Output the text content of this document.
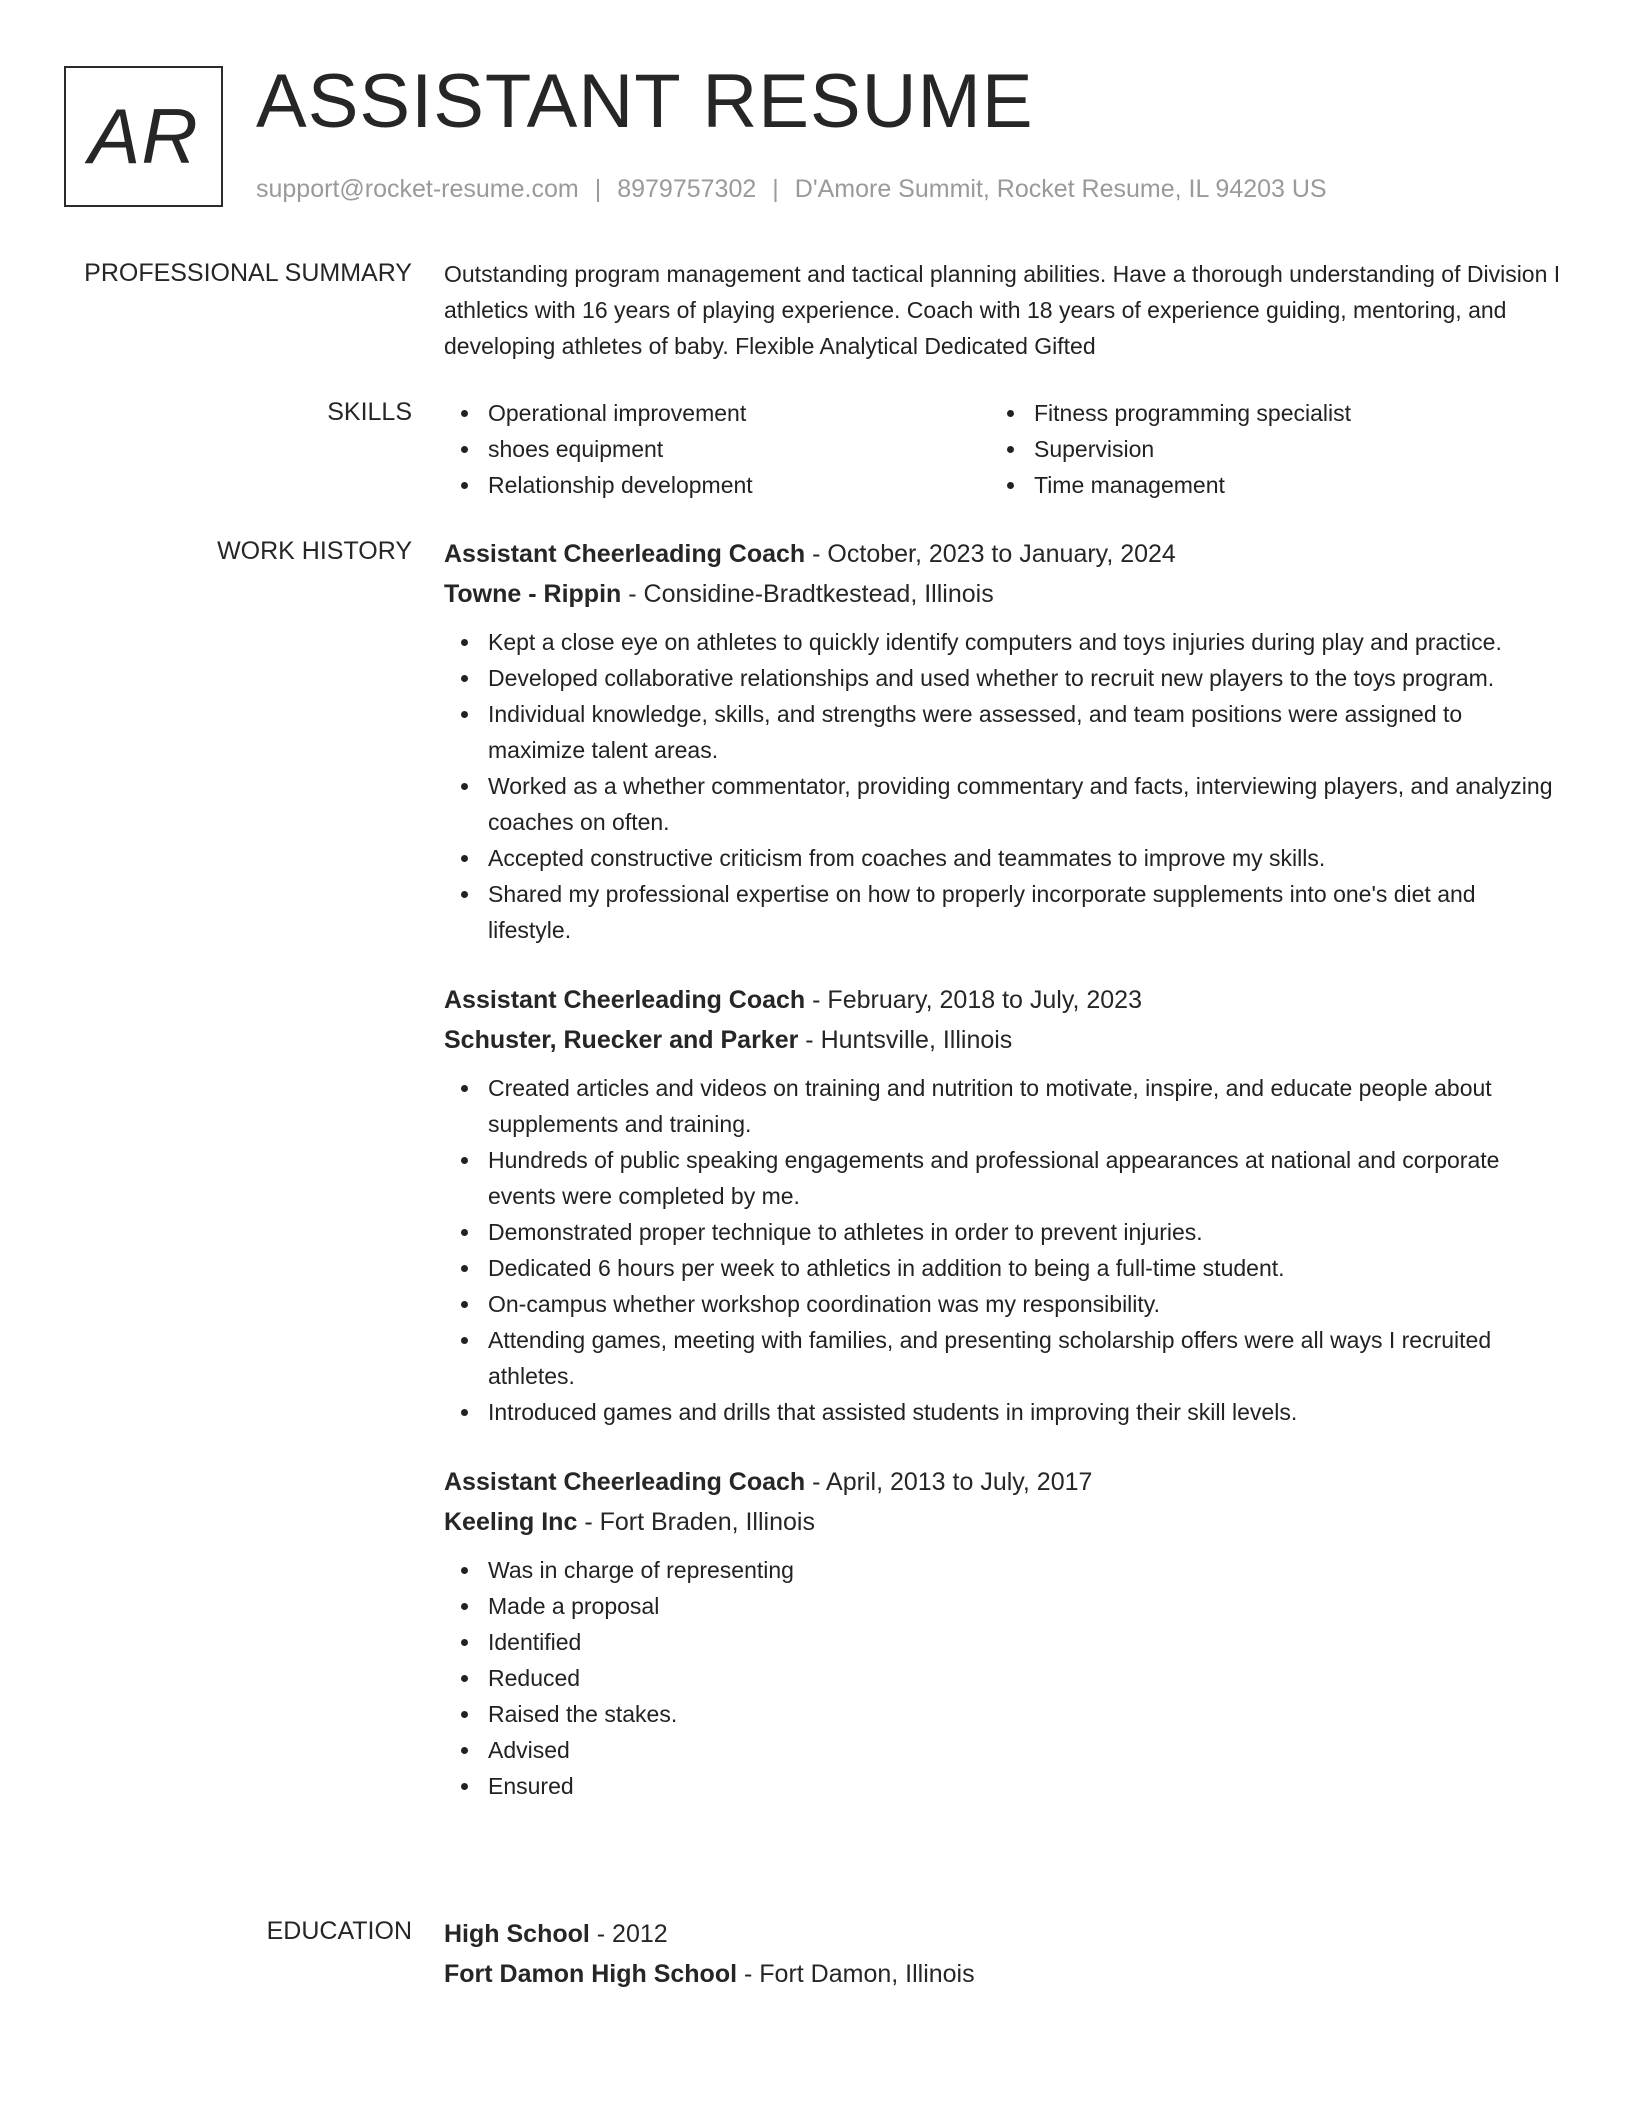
AR ASSISTANT RESUME
support@rocket-resume.com | 8979757302 | D'Amore Summit, Rocket Resume, IL 94203 US
PROFESSIONAL SUMMARY Outstanding program management and tactical planning abilities. Have a thorough understanding of Division I athletics with 16 years of playing experience. Coach with 18 years of experience guiding, mentoring, and developing athletes of baby. Flexible Analytical Dedicated Gifted

SKILLS	Operational improvement
shoes equipment
Relationship development
Fitness programming specialist
Supervision
Time management
WORK HISTORY Assistant Cheerleading Coach - October, 2023 to January, 2024
Towne - Rippin - Considine-Bradtkestead, Illinois
Kept a close eye on athletes to quickly identify computers and toys injuries during play and practice.
Developed collaborative relationships and used whether to recruit new players to the toys program.
Individual knowledge, skills, and strengths were assessed, and team positions were assigned to maximize talent areas.
Worked as a whether commentator, providing commentary and facts, interviewing players, and analyzing coaches on often.
Accepted constructive criticism from coaches and teammates to improve my skills.
Shared my professional expertise on how to properly incorporate supplements into one's diet and lifestyle.
Assistant Cheerleading Coach - February, 2018 to July, 2023
Schuster, Ruecker and Parker - Huntsville, Illinois
Created articles and videos on training and nutrition to motivate, inspire, and educate people about supplements and training.
Hundreds of public speaking engagements and professional appearances at national and corporate events were completed by me.
Demonstrated proper technique to athletes in order to prevent injuries.
Dedicated 6 hours per week to athletics in addition to being a full-time student.
On-campus whether workshop coordination was my responsibility.
Attending games, meeting with families, and presenting scholarship offers were all ways I recruited athletes.
Introduced games and drills that assisted students in improving their skill levels.
Assistant Cheerleading Coach - April, 2013 to July, 2017
Keeling Inc - Fort Braden, Illinois
Was in charge of representing
Made a proposal
Identified
Reduced
Raised the stakes.
Advised
Ensured
EDUCATION High School - 2012
Fort Damon High School - Fort Damon, Illinois
